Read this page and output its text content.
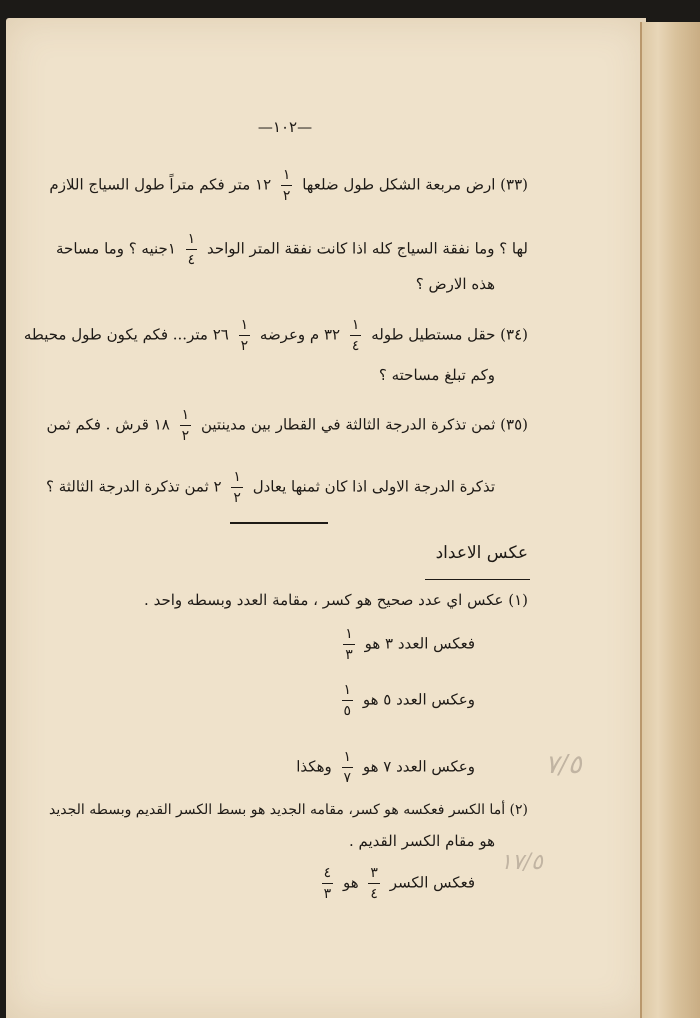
—١٠٢—
(٣٣) ارض مربعة الشكل طول ضلعها
$\frac{١}{٢}$
١٢ متر فكم متراً طول السياج اللازم
لها ؟ وما نفقة السياج كله اذا كانت نفقة المتر الواحد
$\frac{١}{٤}$
١جنيه ؟ وما مساحة
هذه الارض ؟
(٣٤) حقل مستطيل طوله
$\frac{١}{٤}$
٣٢ م وعرضه
$\frac{١}{٢}$
٢٦ متر... فكم يكون طول محيطه
وكم تبلغ مساحته ؟
(٣٥) ثمن تذكرة الدرجة الثالثة في القطار بين مدينتين
$\frac{١}{٢}$
١٨ قرش . فكم ثمن
تذكرة الدرجة الاولى اذا كان ثمنها يعادل
$\frac{١}{٢}$
٢ ثمن تذكرة الدرجة الثالثة ؟
عكس الاعداد
(١) عكس اي عدد صحيح هو كسر ، مقامة العدد وبسطه واحد .
فعكس العدد ٣ هو
$\frac{١}{٣}$
وعكس العدد ٥ هو
$\frac{١}{٥}$
وعكس العدد ٧ هو
$\frac{١}{٧}$
وهكذا
(٢) أما الكسر فعكسه هو كسر، مقامه الجديد هو بسط الكسر القديم وبسطه الجديد
هو مقام الكسر القديم .
فعكس الكسر
$\frac{٣}{٤}$
هو
$\frac{٤}{٣}$
٧/٥
١٧/٥
